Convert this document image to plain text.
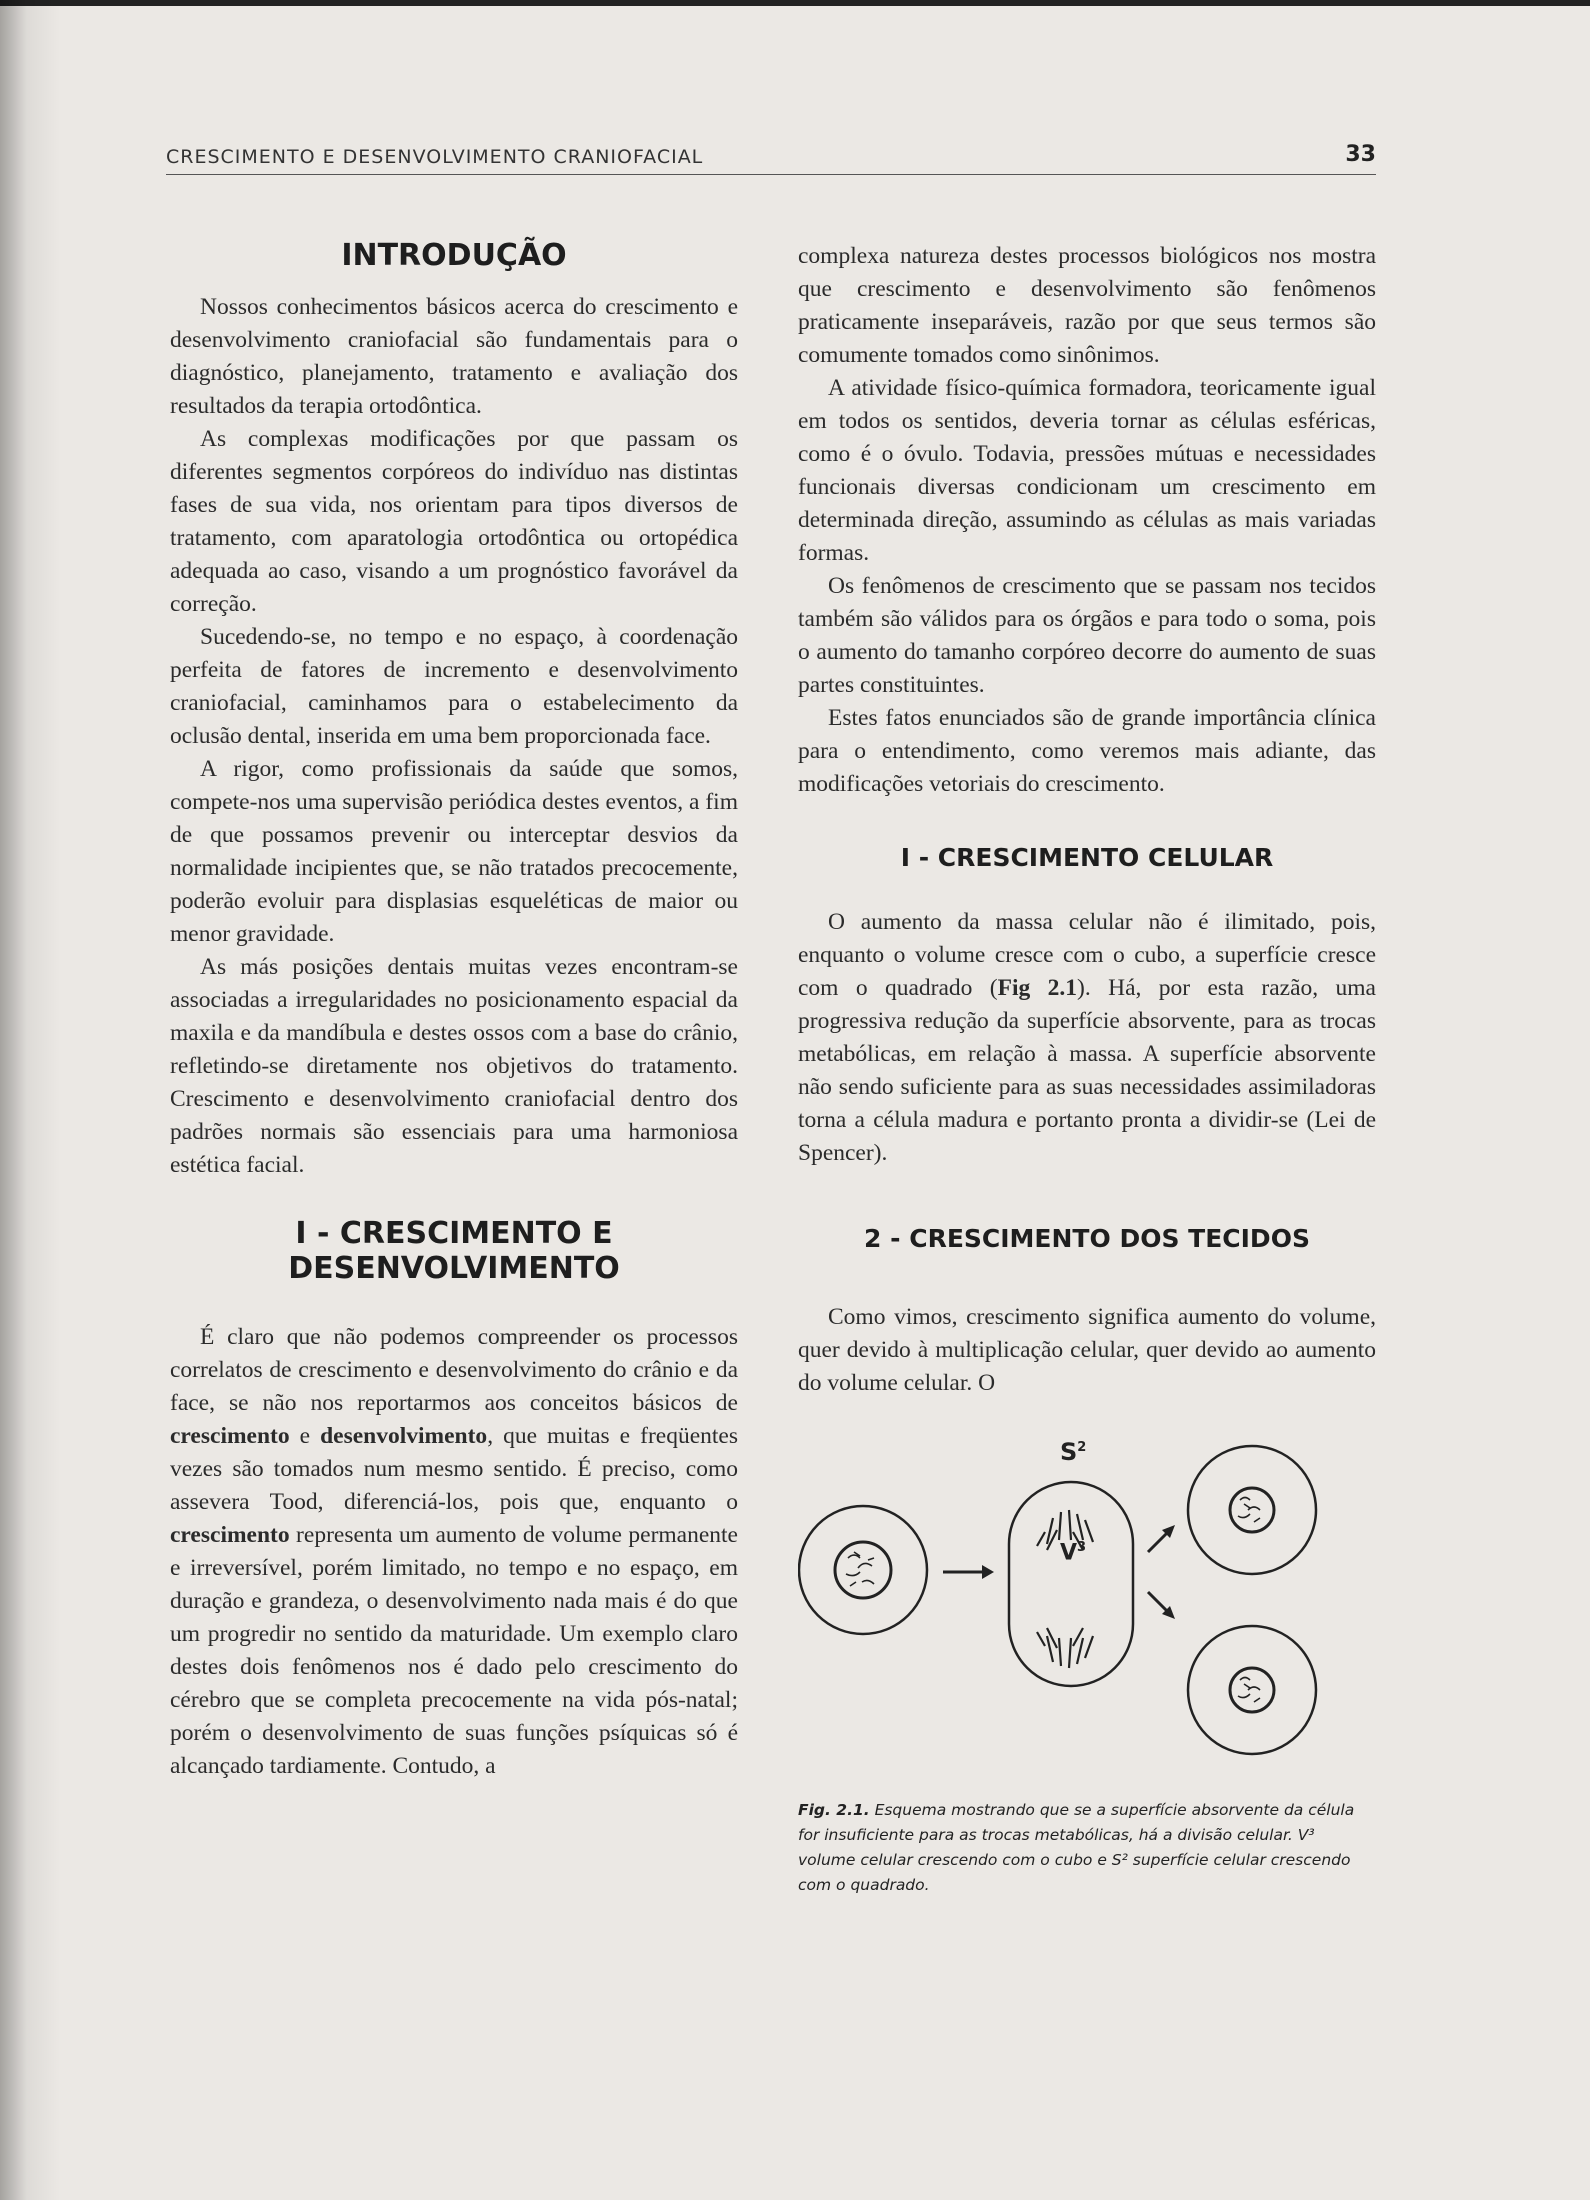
CRESCIMENTO E DESENVOLVIMENTO CRANIOFACIAL	33
INTRODUÇÃO

Nossos conhecimentos básicos acerca do crescimento e desenvolvimento craniofacial são fundamentais para o diagnóstico, planejamento, tratamento e avaliação dos resultados da terapia ortodôntica.

As complexas modificações por que passam os diferentes segmentos corpóreos do indivíduo nas distintas fases de sua vida, nos orientam para tipos diversos de tratamento, com aparatologia ortodôntica ou ortopédica adequada ao caso, visando a um prognóstico favorável da correção.

Sucedendo-se, no tempo e no espaço, à coordenação perfeita de fatores de incremento e desenvolvimento craniofacial, caminhamos para o estabelecimento da oclusão dental, inserida em uma bem proporcionada face.

A rigor, como profissionais da saúde que somos, compete-nos uma supervisão periódica destes eventos, a fim de que possamos prevenir ou interceptar desvios da normalidade incipientes que, se não tratados precocemente, poderão evoluir para displasias esqueléticas de maior ou menor gravidade.

As más posições dentais muitas vezes encontram-se associadas a irregularidades no posicionamento espacial da maxila e da mandíbula e destes ossos com a base do crânio, refletindo-se diretamente nos objetivos do tratamento. Crescimento e desenvolvimento craniofacial dentro dos padrões normais são essenciais para uma harmoniosa estética facial.

I - CRESCIMENTO E
DESENVOLVIMENTO

É claro que não podemos compreender os processos correlatos de crescimento e desenvolvimento do crânio e da face, se não nos reportarmos aos conceitos básicos de crescimento e desenvolvimento, que muitas e freqüentes vezes são tomados num mesmo sentido. É preciso, como assevera Tood, diferenciá-los, pois que, enquanto o crescimento representa um aumento de volume permanente e irreversível, porém limitado, no tempo e no espaço, em duração e grandeza, o desenvolvimento nada mais é do que um progredir no sentido da maturidade. Um exemplo claro destes dois fenômenos nos é dado pelo crescimento do cérebro que se completa precocemente na vida pós-natal; porém o desenvolvimento de suas funções psíquicas só é alcançado tardiamente. Contudo, a

complexa natureza destes processos biológicos nos mostra que crescimento e desenvolvimento são fenômenos praticamente inseparáveis, razão por que seus termos são comumente tomados como sinônimos.

A atividade físico-química formadora, teoricamente igual em todos os sentidos, deveria tornar as células esféricas, como é o óvulo. Todavia, pressões mútuas e necessidades funcionais diversas condicionam um crescimento em determinada direção, assumindo as células as mais variadas formas.

Os fenômenos de crescimento que se passam nos tecidos também são válidos para os órgãos e para todo o soma, pois o aumento do tamanho corpóreo decorre do aumento de suas partes constituintes.

Estes fatos enunciados são de grande importância clínica para o entendimento, como veremos mais adiante, das modificações vetoriais do crescimento.

I - CRESCIMENTO CELULAR

O aumento da massa celular não é ilimitado, pois, enquanto o volume cresce com o cubo, a superfície cresce com o quadrado (Fig 2.1). Há, por esta razão, uma progressiva redução da superfície absorvente, para as trocas metabólicas, em relação à massa. A superfície absorvente não sendo suficiente para as suas necessidades assimiladoras torna a célula madura e portanto pronta a dividir-se (Lei de Spencer).

2 - CRESCIMENTO DOS TECIDOS

Como vimos, crescimento significa aumento do volume, quer devido à multiplicação celular, quer devido ao aumento do volume celular. O

$S^2$
$V^3$
Fig. 2.1. Esquema mostrando que se a superfície absorvente da célula for insuficiente para as trocas metabólicas, há a divisão celular. V³ volume celular crescendo com o cubo e S² superfície celular crescendo com o quadrado.
